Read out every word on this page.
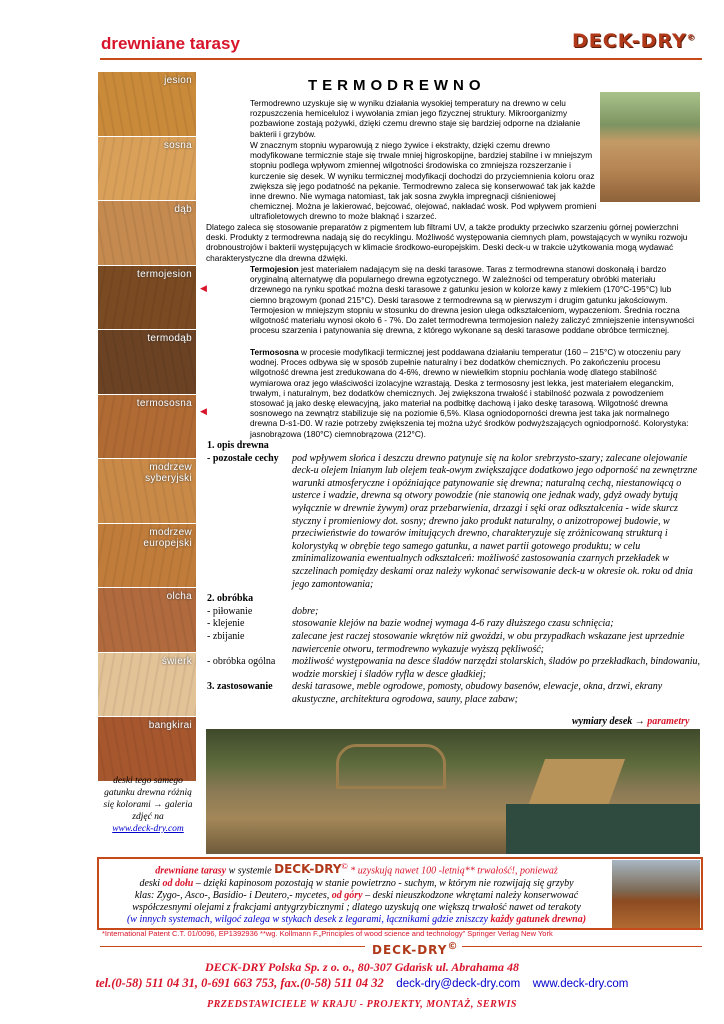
drewniane tarasy	DECK-DRY©
jesion
sosna
dąb
termojesion
termodąb
termososna
modrzew
syberyjski
modrzew
europejski
olcha
świerk
bangkirai
deski tego samego gatunku drewna różnią się kolorami → galeria zdjęć na
www.deck-dry.com
◀
◀
TERMODREWNO

Termodrewno uzyskuje się w wyniku działania wysokiej temperatury na drewno w celu rozpuszczenia hemiceluloz i wywołania zmian jego fizycznej struktury. Mikroorganizmy pozbawione zostają pożywki, dzięki czemu drewno staje się bardziej odporne na działanie bakterii i grzybów.

W znacznym stopniu wyparowują z niego żywice i ekstrakty, dzięki czemu drewno modyfikowane termicznie staje się trwale mniej higroskopijne, bardziej stabilne i w mniejszym stopniu podlega wpływom zmiennej wilgotności środowiska co zmniejsza rozszerzanie i kurczenie się desek. W wyniku termicznej modyfikacji dochodzi do przyciemnienia koloru oraz zwiększa się jego podatność na pękanie. Termodrewno zaleca się konserwować tak jak każde inne drewno. Nie wymaga natomiast, tak jak sosna zwykła impregnacji ciśnieniowej chemicznej. Można je lakierować, bejcować, olejować, nakładać wosk. Pod wpływem promieni ultrafioletowych drewno to może blaknąć i szarzeć.

Dlatego zaleca się stosowanie preparatów z pigmentem lub filtrami UV, a także produkty przeciwko szarzeniu górnej powierzchni deski. Produkty z termodrewna nadają się do recyklingu. Możliwość występowania ciemnych plam, powstających w wyniku rozwoju drobnoustrojów i bakterii występujących w klimacie środkowo-europejskim. Deski deck-u w trakcie użytkowania mogą wydawać charakterystyczne dla drewna dźwięki.

Termojesion jest materiałem nadającym się na deski tarasowe. Taras z termodrewna stanowi doskonałą i bardzo oryginalną alternatywę dla popularnego drewna egzotycznego. W zależności od temperatury obróbki materiału drzewnego na rynku spotkać można deski tarasowe z gatunku jesion w kolorze kawy z mlekiem (170°C-195°C) lub ciemno brązowym (ponad 215°C). Deski tarasowe z termodrewna są w pierwszym i drugim gatunku jakościowym. Termojesion w mniejszym stopniu w stosunku do drewna jesion ulega odkształceniom, wypaczeniom. Średnia roczna wilgotność materiału wynosi około 6 - 7%. Do zalet termodrewna termojesion należy zaliczyć zmniejszenie intensywności procesu szarzenia i patynowania się drewna, z którego wykonane są deski tarasowe poddane obróbce termicznej.

Termososna w procesie modyfikacji termicznej jest poddawana działaniu temperatur (160 – 215°C) w otoczeniu pary wodnej. Proces odbywa się w sposób zupełnie naturalny i bez dodatków chemicznych. Po zakończeniu procesu wilgotność drewna jest zredukowana do 4-6%, drewno w niewielkim stopniu pochłania wodę dlatego stabilność wymiarowa oraz jego właściwości izolacyjne wzrastają. Deska z termososny jest lekka, jest materiałem eleganckim, trwałym, i naturalnym, bez dodatków chemicznych. Jej zwiększona trwałość i stabilność pozwala z powodzeniem stosować ją jako deskę elewacyjną, jako materiał na podbitkę dachową i jako deskę tarasową. Wilgotność drewna sosnowego na zewnątrz stabilizuje się na poziomie 6,5%. Klasa ogniodoporności drewna jest taka jak normalnego drewna D-s1-D0. W razie potrzeby zwiększenia tej można użyć środków podwyższających ogniodporność. Kolorystyka: jasnobrązowa (180°C) ciemnobrązowa (212°C).

1. opis drewna
- pozostałe cechy	pod wpływem słońca i deszczu drewno patynuje się na kolor srebrzysto-szary; zalecane olejowanie deck-u olejem lnianym lub olejem teak-owym zwiększające dodatkowo jego odporność na zewnętrzne warunki atmosferyczne i opóźniające patynowanie się drewna; naturalną cechą, niestanowiącą o usterce i wadzie, drewna są otwory powodzie (nie stanowią one jednak wady, gdyż owady bytują wyłącznie w drewnie żywym) oraz przebarwienia, drzazgi i sęki oraz odkształcenia - wide skurcz styczny i promieniowy dot. sosny; drewno jako produkt naturalny, o anizotropowej budowie, w przeciwieństwie do towarów imitujących drewno, charakteryzuje się zróżnicowaną strukturą i kolorystyką w obrębie tego samego gatunku, a nawet partii gotowego produktu; w celu zminimalizowania ewentualnych odkształceń: możliwość zastosowania czarnych przekładek w szczelinach pomiędzy deskami oraz należy wykonać serwisowanie deck-u w okresie ok. roku od dnia jego zamontowania;
2. obróbka
- piłowanie	dobre;
- klejenie	stosowanie klejów na bazie wodnej wymaga 4-6 razy dłuższego czasu schnięcia;
- zbijanie	zalecane jest raczej stosowanie wkrętów niż gwoździ, w obu przypadkach wskazane jest uprzednie nawiercenie otworu, termodrewno wykazuje wyższą pękliwość;
- obróbka ogólna	możliwość występowania na desce śladów narzędzi stolarskich, śladów po przekładkach, bindowaniu, wodzie morskiej i śladów ryfla w desce gładkiej;
3. zastosowanie	deski tarasowe, meble ogrodowe, pomosty, obudowy basenów, elewacje, okna, drzwi, ekrany akustyczne, architektura ogrodowa, sauny, place zabaw;
wymiary desek → parametry
drewniane tarasy w systemie DECK-DRY© * uzyskują nawet 100 -letnią** trwałość!, ponieważ
deski od dołu – dzięki kapinosom pozostają w stanie powietrzno - suchym, w którym nie rozwijają się grzyby
klas: Zygo-, Asco-, Basidio- i Deutero,- mycetes, od góry – deski nieuszkodzone wkrętami należy konserwować
współczesnymi olejami z frakcjami antygrzybicznymi ; dlatego uzyskują one większą trwałość nawet od terakoty
(w innych systemach, wilgoć zalega w stykach desek z legarami, łącznikami gdzie zniszczy każdy gatunek drewna)
*International Patent C.T. 01/0096, EP1392936 **wg. Kollmann F.„Principles of wood science and technology” Springer Verlag New York
DECK-DRY©
DECK-DRY Polska Sp. z o. o., 80-307 Gdańsk ul. Abrahama 48
tel.(0-58) 511 04 31, 0-691 663 753, fax.(0-58) 511 04 32 deck-dry@deck-dry.com www.deck-dry.com
PRZEDSTAWICIELE W KRAJU - PROJEKTY, MONTAŻ, SERWIS
